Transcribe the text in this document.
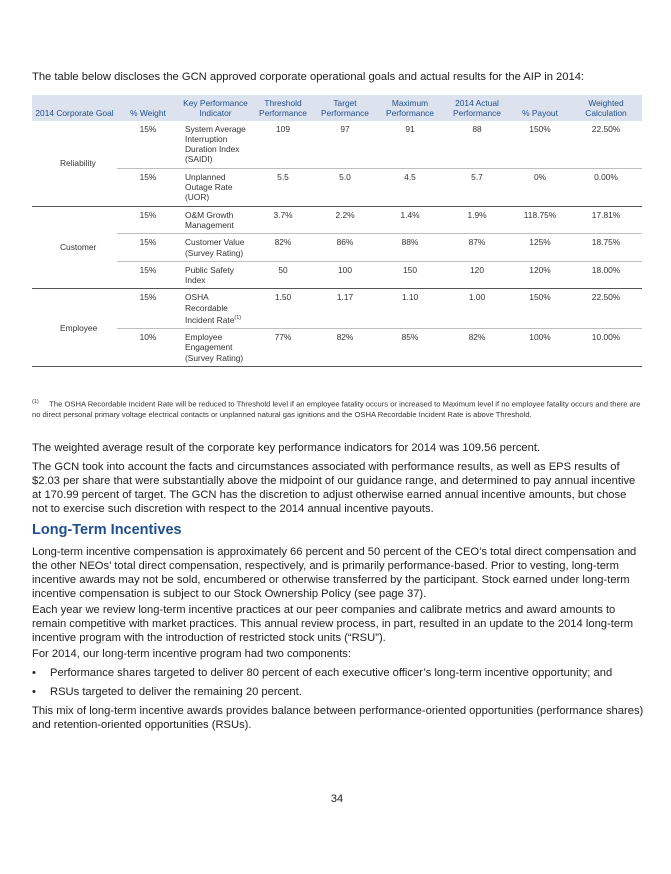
The table below discloses the GCN approved corporate operational goals and actual results for the AIP in 2014:
2014 Corporate Goal	% Weight	Key Performance Indicator	Threshold Performance	Target Performance	Maximum Performance	2014 Actual Performance	% Payout	Weighted Calculation
Reliability	15%	System Average Interruption Duration Index (SAIDI)	109	97	91	88	150%	22.50%
	15%	Unplanned Outage Rate (UOR)	5.5	5.0	4.5	5.7	0%	0.00%
Customer	15%	O&M Growth Management	3.7%	2.2%	1.4%	1.9%	118.75%	17.81%
	15%	Customer Value (Survey Rating)	82%	86%	88%	87%	125%	18.75%
	15%	Public Safety Index	50	100	150	120	120%	18.00%
Employee	15%	OSHA Recordable Incident Rate$^{(1)}$	1.50	1.17	1.10	1.00	150%	22.50%
	10%	Employee Engagement (Survey Rating)	77%	82%	85%	82%	100%	10.00%
$^{(1)}$ The OSHA Recordable Incident Rate will be reduced to Threshold level if an employee fatality occurs or increased to Maximum level if no employee fatality occurs and there are no direct personal primary voltage electrical contacts or unplanned natural gas ignitions and the OSHA Recordable Incident Rate is above Threshold.
The weighted average result of the corporate key performance indicators for 2014 was 109.56 percent.
The GCN took into account the facts and circumstances associated with performance results, as well as EPS results of $2.03 per share that were substantially above the midpoint of our guidance range, and determined to pay annual incentive at 170.99 percent of target. The GCN has the discretion to adjust otherwise earned annual incentive amounts, but chose not to exercise such discretion with respect to the 2014 annual incentive payouts.
Long-Term Incentives
Long-term incentive compensation is approximately 66 percent and 50 percent of the CEO’s total direct compensation and the other NEOs’ total direct compensation, respectively, and is primarily performance-based. Prior to vesting, long-term incentive awards may not be sold, encumbered or otherwise transferred by the participant. Stock earned under long-term incentive compensation is subject to our Stock Ownership Policy (see page 37).
Each year we review long-term incentive practices at our peer companies and calibrate metrics and award amounts to remain competitive with market practices. This annual review process, in part, resulted in an update to the 2014 long-term incentive program with the introduction of restricted stock units (“RSU”).
For 2014, our long-term incentive program had two components:
• Performance shares targeted to deliver 80 percent of each executive officer’s long-term incentive opportunity; and
• RSUs targeted to deliver the remaining 20 percent.
This mix of long-term incentive awards provides balance between performance-oriented opportunities (performance shares) and retention-oriented opportunities (RSUs).
34
